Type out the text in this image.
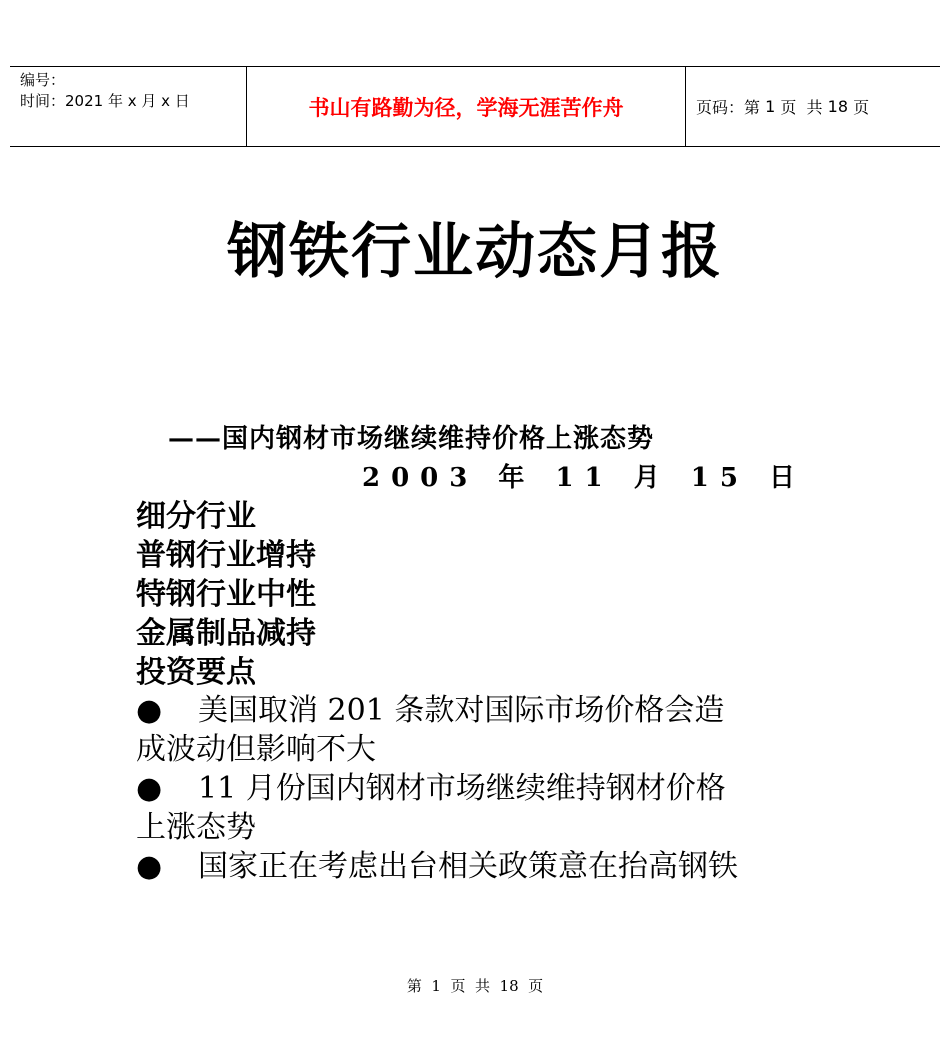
编号：
时间：2021 年 x 月 x 日	书山有路勤为径，学海无涯苦作舟	页码：第 1 页  共 18 页
钢铁行业动态月报
——国内钢材市场继续维持价格上涨态势
2003 年 11 月 15 日
细分行业
普钢行业增持
特钢行业中性
金属制品减持
投资要点
● 美国取消 201 条款对国际市场价格会造
成波动但影响不大
● 11 月份国内钢材市场继续维持钢材价格
上涨态势
● 国家正在考虑出台相关政策意在抬高钢铁
第  1  页  共  18  页
